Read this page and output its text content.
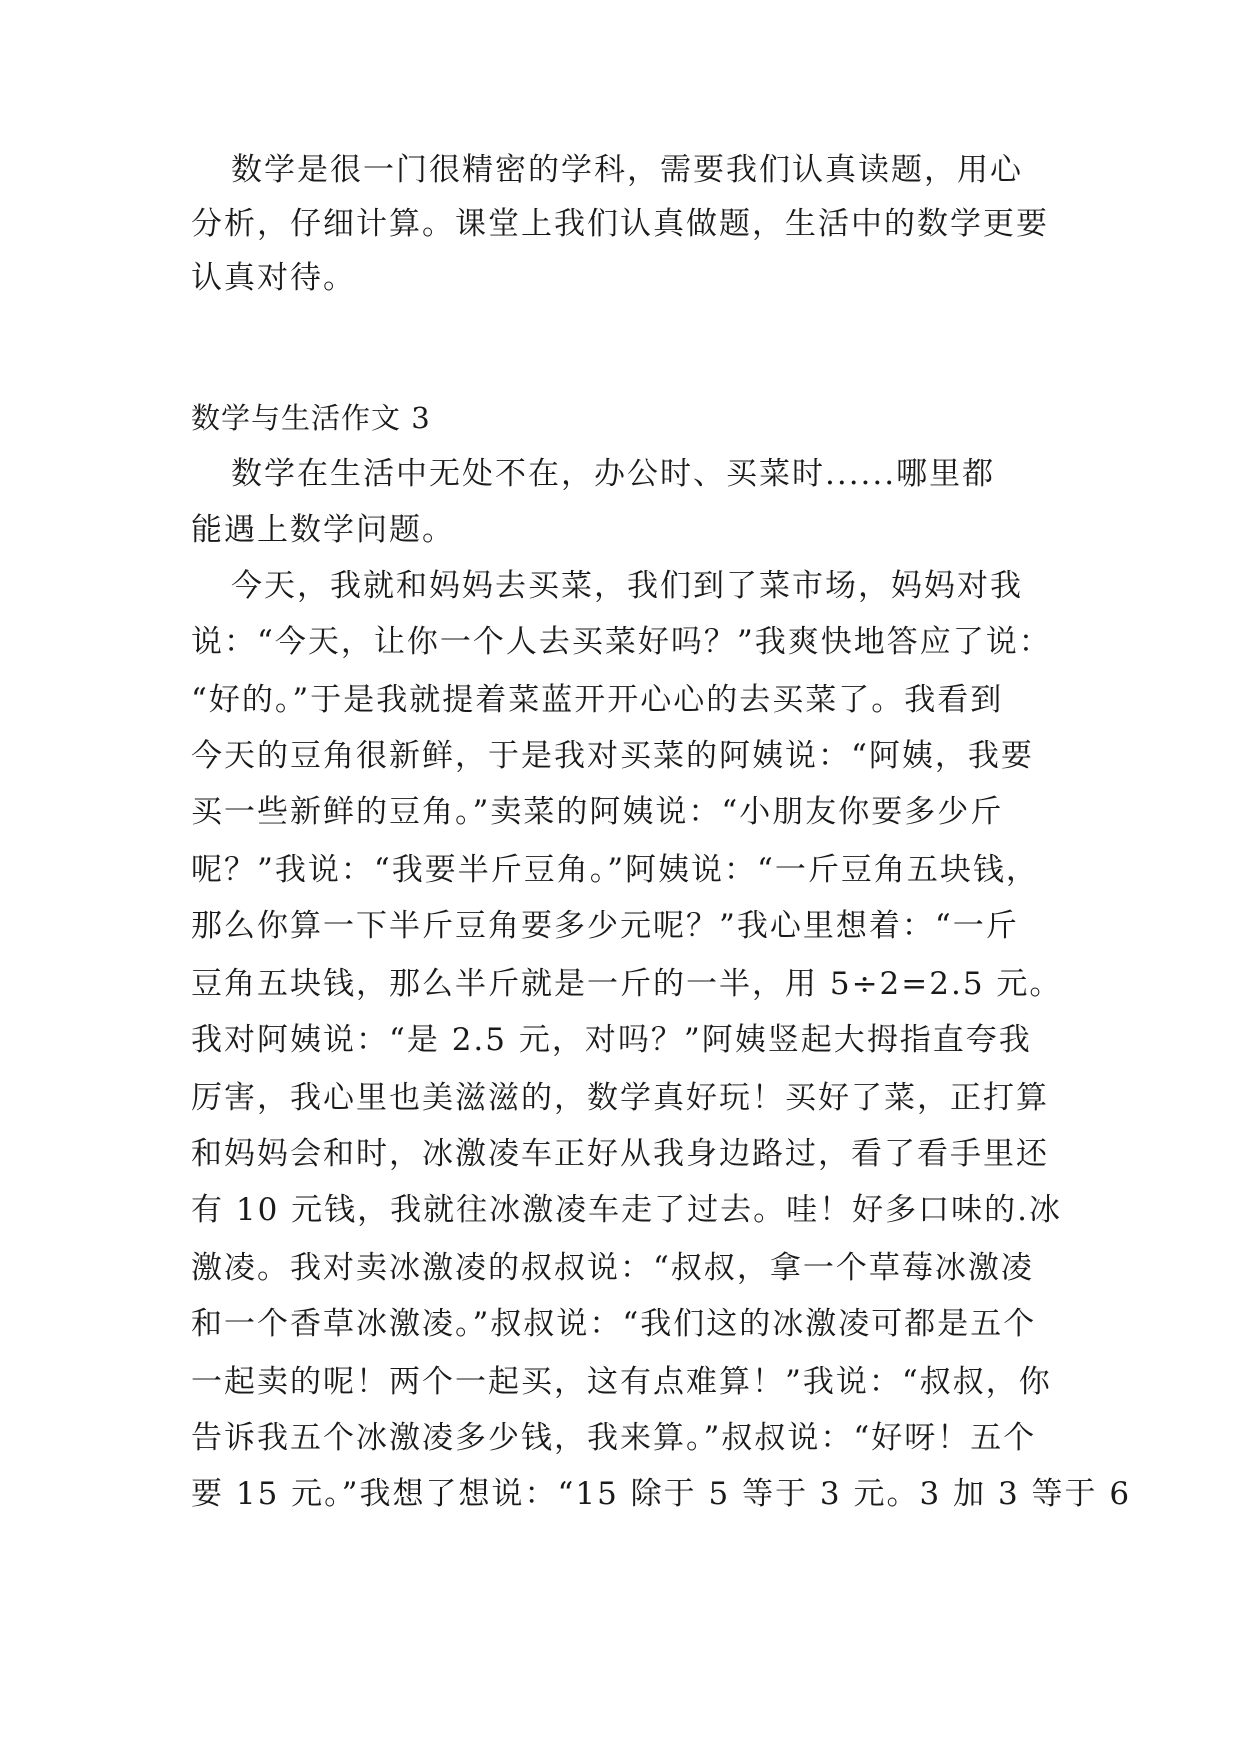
数学是很一门很精密的学科，需要我们认真读题，用心

分析，仔细计算。课堂上我们认真做题，生活中的数学更要

认真对待。

数学与生活作文 3

数学在生活中无处不在，办公时、买菜时......哪里都

能遇上数学问题。

今天，我就和妈妈去买菜，我们到了菜市场，妈妈对我

说：“今天，让你一个人去买菜好吗？”我爽快地答应了说：

“好的。”于是我就提着菜蓝开开心心的去买菜了。我看到

今天的豆角很新鲜，于是我对买菜的阿姨说：“阿姨，我要

买一些新鲜的豆角。”卖菜的阿姨说：“小朋友你要多少斤

呢？”我说：“我要半斤豆角。”阿姨说：“一斤豆角五块钱，

那么你算一下半斤豆角要多少元呢？”我心里想着：“一斤

豆角五块钱，那么半斤就是一斤的一半，用 5÷2=2.5 元。

我对阿姨说：“是 2.5 元，对吗？”阿姨竖起大拇指直夸我

厉害，我心里也美滋滋的，数学真好玩！买好了菜，正打算

和妈妈会和时，冰激凌车正好从我身边路过，看了看手里还

有 10 元钱，我就往冰激凌车走了过去。哇！好多口味的.冰

激凌。我对卖冰激凌的叔叔说：“叔叔，拿一个草莓冰激凌

和一个香草冰激凌。”叔叔说：“我们这的冰激凌可都是五个

一起卖的呢！两个一起买，这有点难算！”我说：“叔叔，你

告诉我五个冰激凌多少钱，我来算。”叔叔说：“好呀！五个

要 15 元。”我想了想说：“15 除于 5 等于 3 元。3 加 3 等于 6
